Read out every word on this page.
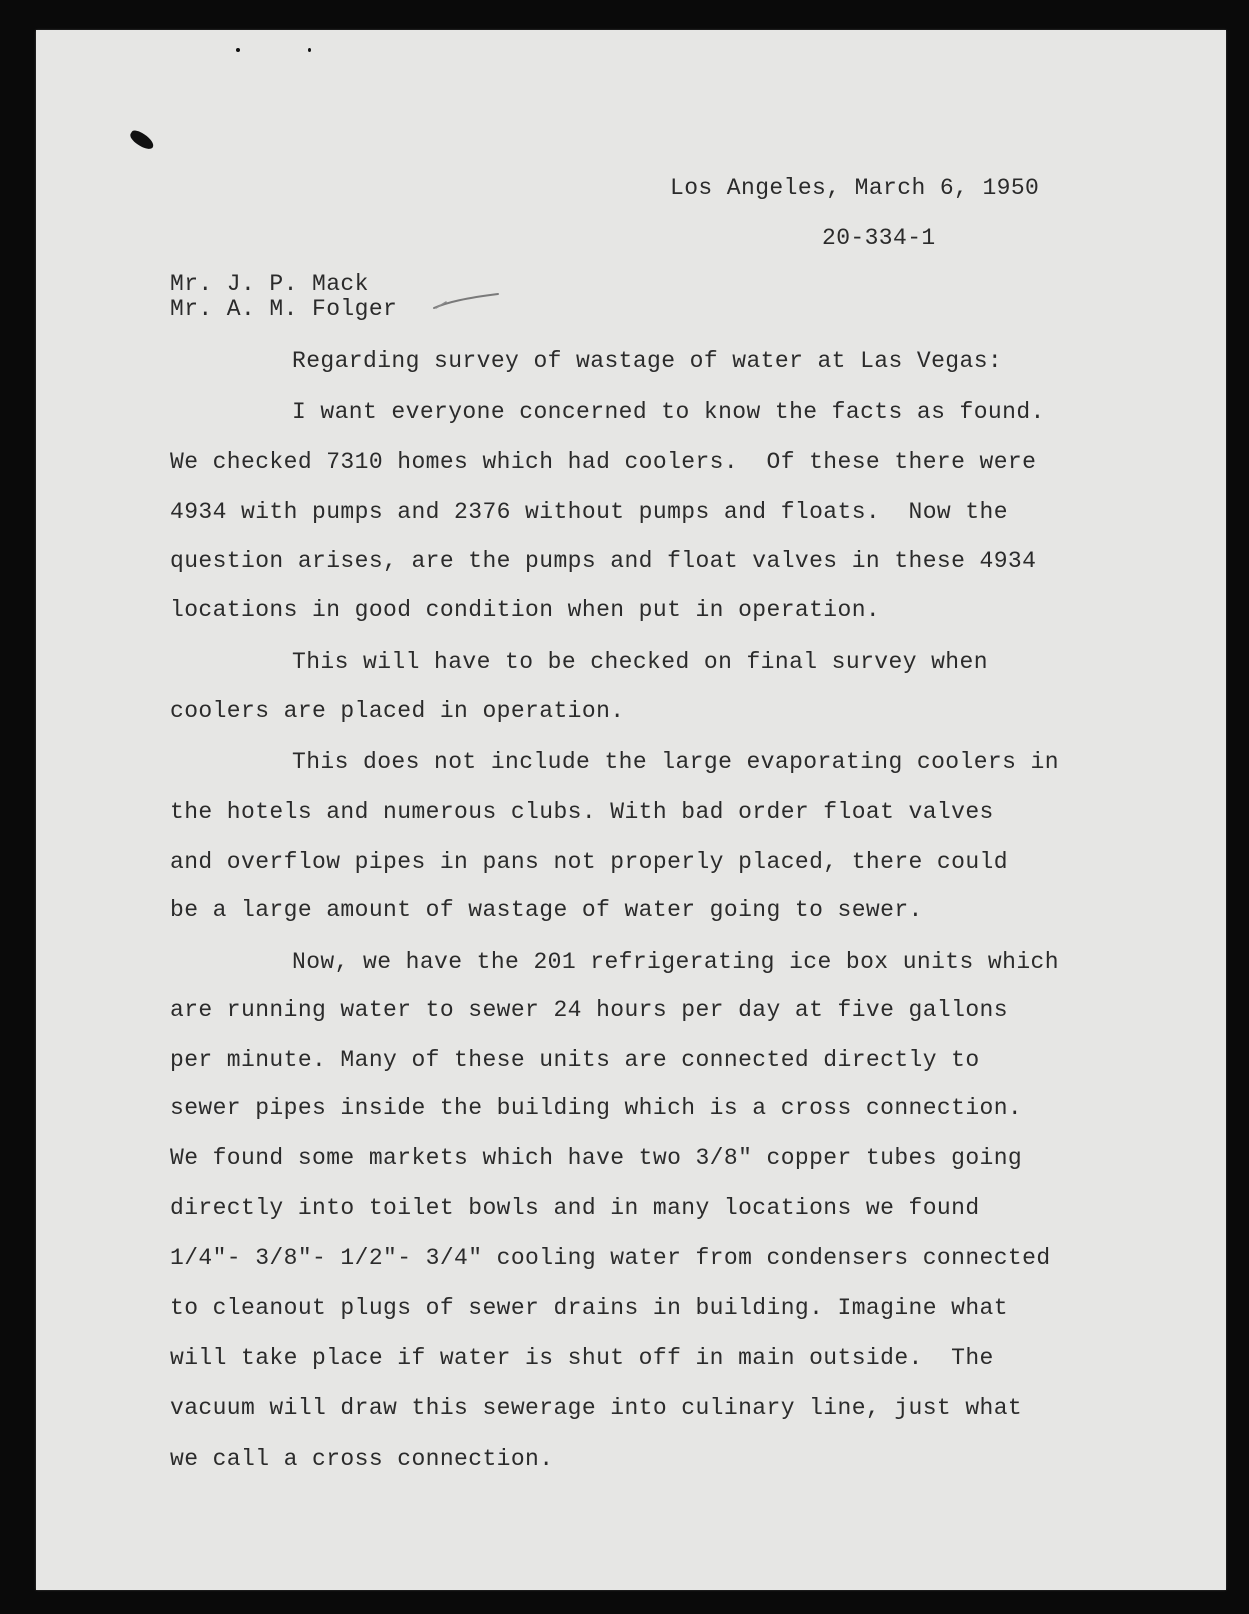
Los Angeles, March 6, 1950
20-334-1
Mr. J. P. Mack
Mr. A. M. Folger
Regarding survey of wastage of water at Las Vegas:
I want everyone concerned to know the facts as found.
We checked 7310 homes which had coolers.  Of these there were
4934 with pumps and 2376 without pumps and floats.  Now the
question arises, are the pumps and float valves in these 4934
locations in good condition when put in operation.
This will have to be checked on final survey when
coolers are placed in operation.
This does not include the large evaporating coolers in
the hotels and numerous clubs. With bad order float valves
and overflow pipes in pans not properly placed, there could
be a large amount of wastage of water going to sewer.
Now, we have the 201 refrigerating ice box units which
are running water to sewer 24 hours per day at five gallons
per minute. Many of these units are connected directly to
sewer pipes inside the building which is a cross connection.
We found some markets which have two 3/8" copper tubes going
directly into toilet bowls and in many locations we found
1/4"- 3/8"- 1/2"- 3/4" cooling water from condensers connected
to cleanout plugs of sewer drains in building. Imagine what
will take place if water is shut off in main outside.  The
vacuum will draw this sewerage into culinary line, just what
we call a cross connection.
